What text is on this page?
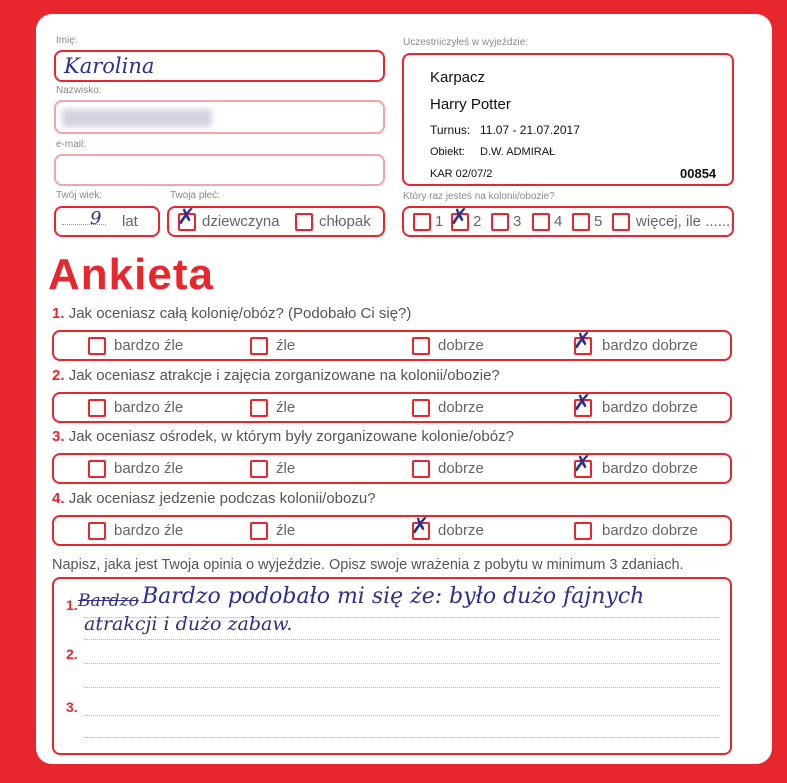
Imię:
Karolina
Nazwisko:
e-mail:
Twój wiek:
9 lat
Twoja płeć:
✗ dziewczyna	chłopak
Uczestniczyłeś w wyjeździe:
Karpacz
Harry Potter
Turnus: 11.07 - 21.07.2017
Obiekt: D.W. ADMIRAŁ
KAR 02/07/2	00854
Który raz jesteś na kolonii/obozie?
1 ✗ 2 3 4 5 więcej, ile .......
Ankieta
1. Jak oceniasz całą kolonię/obóz? (Podobało Ci się?)
bardzo źle	źle	dobrze	✗ bardzo dobrze
2. Jak oceniasz atrakcje i zajęcia zorganizowane na kolonii/obozie?
bardzo źle	źle	dobrze	✗ bardzo dobrze
3. Jak oceniasz ośrodek, w którym były zorganizowane kolonie/obóz?
bardzo źle	źle	dobrze	✗ bardzo dobrze
4. Jak oceniasz jedzenie podczas kolonii/obozu?
bardzo źle	źle	✗ dobrze	bardzo dobrze
Napisz, jaka jest Twoja opinia o wyjeździe. Opisz swoje wrażenia z pobytu w minimum 3 zdaniach.
1.
2.
3.
Bardzo Bardzo podobało mi się że: było dużo fajnych
atrakcji i dużo zabaw.
